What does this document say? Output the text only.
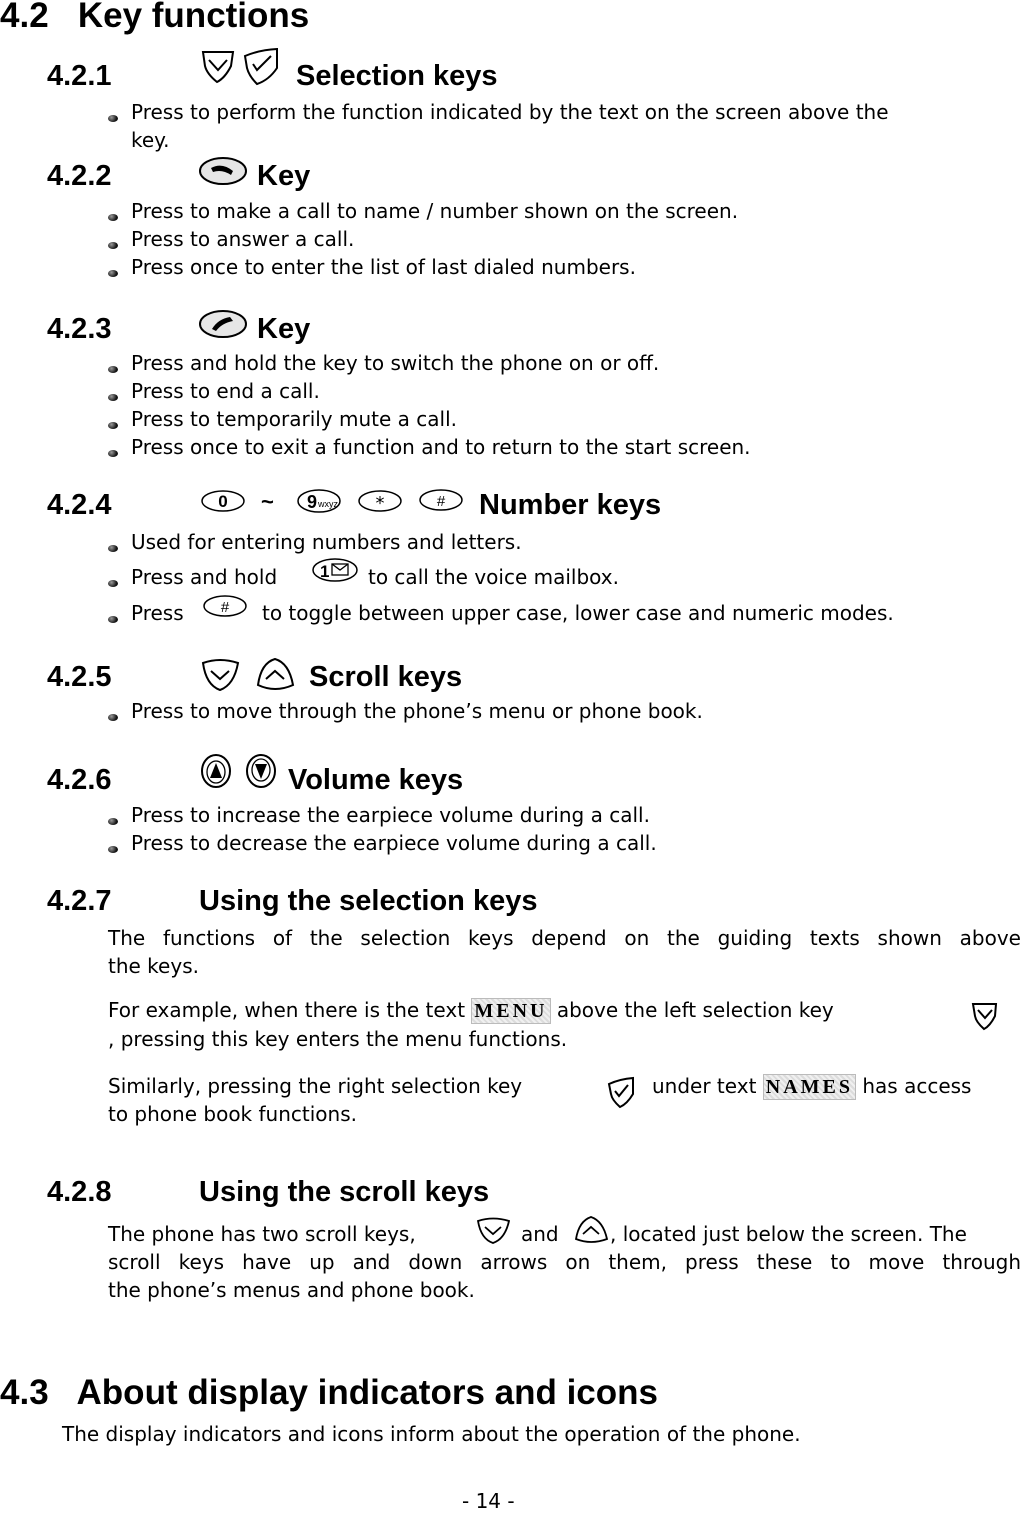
4.2 Key functions
4.2.1	Selection keys
Press to perform the function indicated by the text on the screen above the
key.
4.2.2	Key
Press to make a call to name / number shown on the screen.
Press to answer a call.
Press once to enter the list of last dialed numbers.
4.2.3	Key
Press and hold the key to switch the phone on or off.
Press to end a call.
Press to temporarily mute a call.
Press once to exit a function and to return to the start screen.
4.2.4	0 ~ 9 wxyz *	# Number keys
Used for entering numbers and letters.
Press and hold	1 to call the voice mailbox.
Press # to toggle between upper case, lower case and numeric modes.
4.2.5	Scroll keys
Press to move through the phone’s menu or phone book.
4.2.6	Volume keys
Press to increase the earpiece volume during a call.
Press to decrease the earpiece volume during a call.
4.2.7	Using the selection keys
The functions of the selection keys depend on the guiding texts shown above
the keys.
For example, when there is the text MENU above the left selection key
, pressing this key enters the menu functions.
Similarly, pressing the right selection key	under text NAMES has access
to phone book functions.
4.2.8	Using the scroll keys
The phone has two scroll keys,	and	, located just below the screen. The
scroll keys have up and down arrows on them, press these to move through
the phone’s menus and phone book.
4.3 About display indicators and icons
The display indicators and icons inform about the operation of the phone.
- 14 -
